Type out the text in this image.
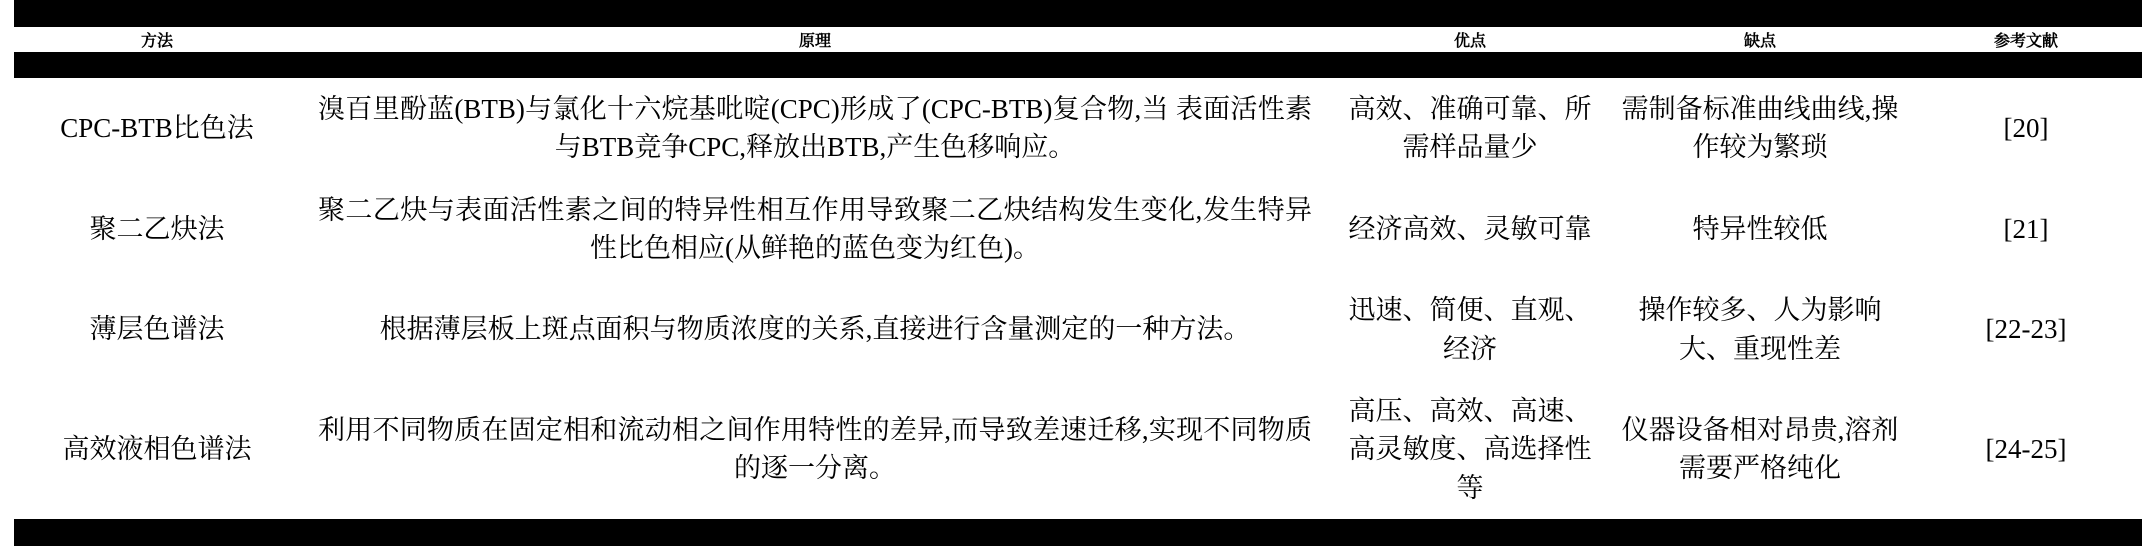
方法	原理	优点	缺点	参考文献

CPC-BTB比色法	溴百里酚蓝(BTB)与氯化十六烷基吡啶(CPC)形成了(CPC-BTB)复合物,当 表面活性素与BTB竞争CPC,释放出BTB,产生色移响应。	高效、准确可靠、所需样品量少	需制备标准曲线曲线,操作较为繁琐	[20]
聚二乙炔法	聚二乙炔与表面活性素之间的特异性相互作用导致聚二乙炔结构发生变化,发生特异性比色相应(从鲜艳的蓝色变为红色)。	经济高效、灵敏可靠	特异性较低	[21]
薄层色谱法	根据薄层板上斑点面积与物质浓度的关系,直接进行含量测定的一种方法。	迅速、简便、直观、经济	操作较多、人为影响大、重现性差	[22-23]
高效液相色谱法	利用不同物质在固定相和流动相之间作用特性的差异,而导致差速迁移,实现不同物质的逐一分离。	高压、高效、高速、高灵敏度、高选择性等	仪器设备相对昂贵,溶剂需要严格纯化	[24-25]
